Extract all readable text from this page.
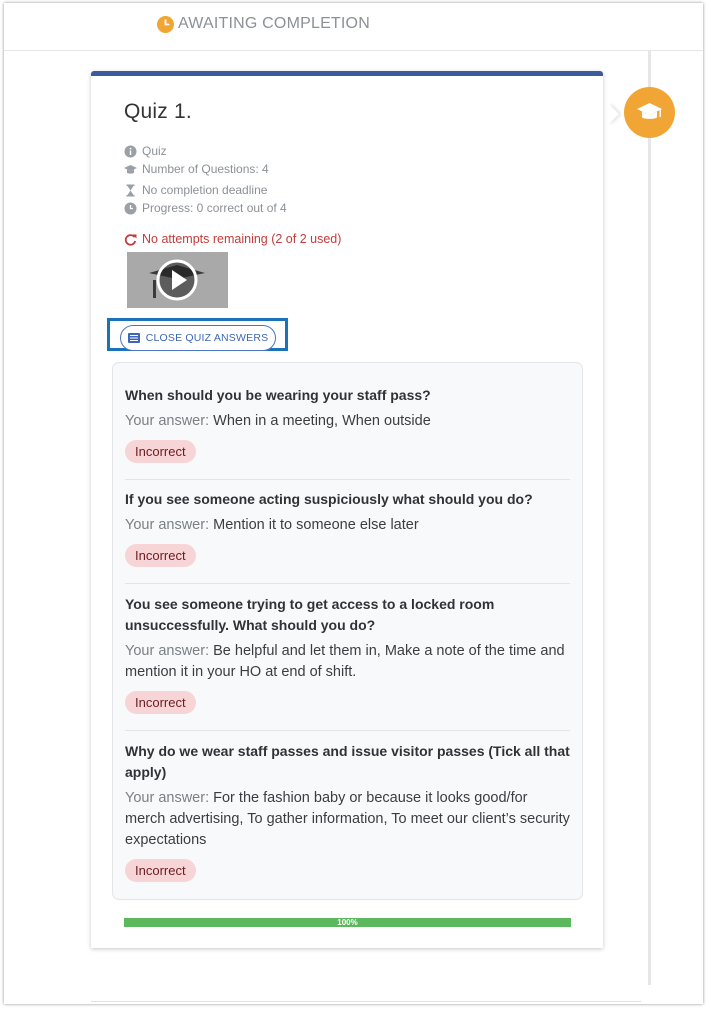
AWAITING COMPLETION
Quiz 1.
Quiz
Number of Questions: 4
No completion deadline
Progress: 0 correct out of 4
No attempts remaining (2 of 2 used)
CLOSE QUIZ ANSWERS
When should you be wearing your staff pass?
Your answer: When in a meeting, When outside
Incorrect
If you see someone acting suspiciously what should you do?
Your answer: Mention it to someone else later
Incorrect
You see someone trying to get access to a locked room unsuccessfully. What should you do?
Your answer: Be helpful and let them in, Make a note of the time and mention it in your HO at end of shift.
Incorrect
Why do we wear staff passes and issue visitor passes (Tick all that apply)
Your answer: For the fashion baby or because it looks good/for merch advertising, To gather information, To meet our client’s security expectations
Incorrect
100%
